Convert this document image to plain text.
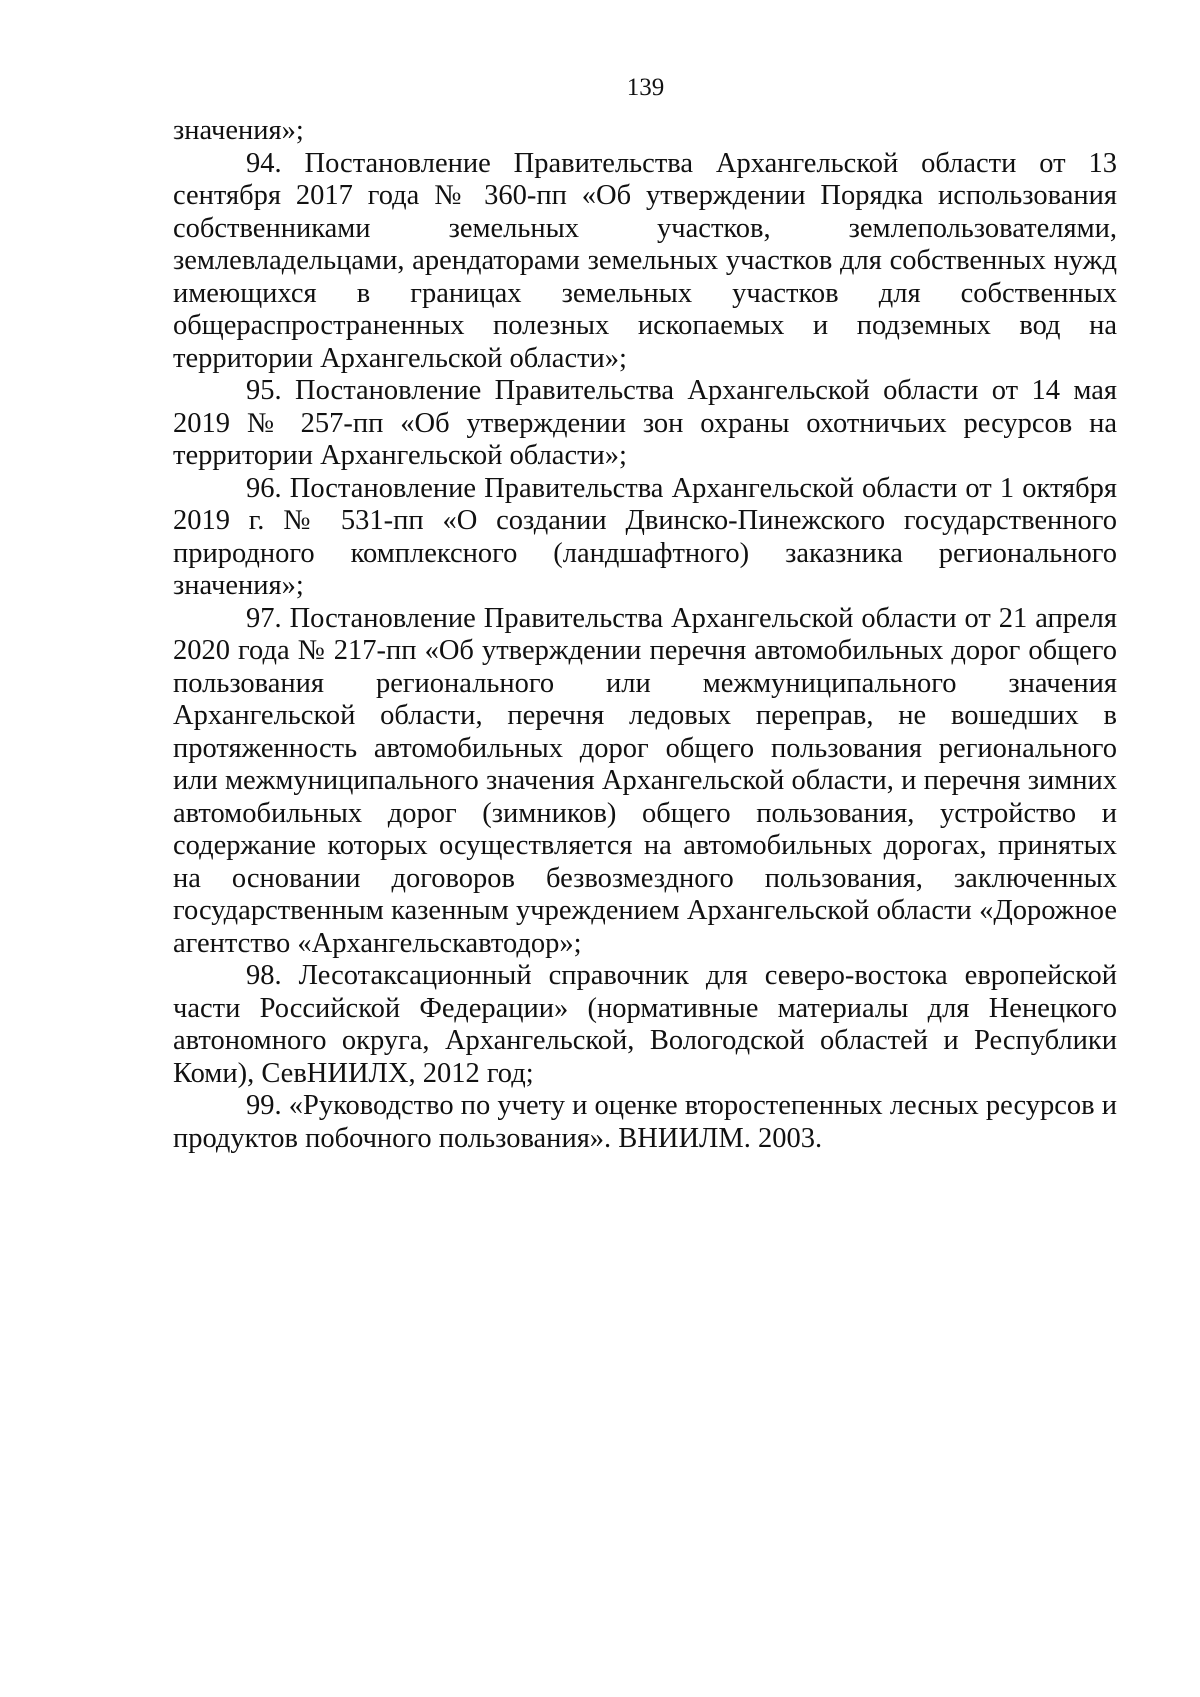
139

значения»;

94. Постановление Правительства Архангельской области от 13 сентября 2017 года № 360-пп «Об утверждении Порядка использования собственниками земельных участков, землепользователями, землевладельцами, арендаторами земельных участков для собственных нужд имеющихся в границах земельных участков для собственных общераспространенных полезных ископаемых и подземных вод на территории Архангельской области»;

95. Постановление Правительства Архангельской области от 14 мая 2019 № 257-пп «Об утверждении зон охраны охотничьих ресурсов на территории Архангельской области»;

96. Постановление Правительства Архангельской области от 1 октября 2019 г. № 531-пп «О создании Двинско-Пинежского государственного природного комплексного (ландшафтного) заказника регионального значения»;

97. Постановление Правительства Архангельской области от 21 апреля 2020 года № 217-пп «Об утверждении перечня автомобильных дорог общего пользования регионального или межмуниципального значения Архангельской области, перечня ледовых переправ, не вошедших в протяженность автомобильных дорог общего пользования регионального или межмуниципального значения Архангельской области, и перечня зимних автомобильных дорог (зимников) общего пользования, устройство и содержание которых осуществляется на автомобильных дорогах, принятых на основании договоров безвозмездного пользования, заключенных государственным казенным учреждением Архангельской области «Дорожное агентство «Архангельскавтодор»;

98. Лесотаксационный справочник для северо-востока европейской части Российской Федерации» (нормативные материалы для Ненецкого автономного округа, Архангельской, Вологодской областей и Республики Коми), СевНИИЛХ, 2012 год;

99. «Руководство по учету и оценке второстепенных лесных ресурсов и продуктов побочного пользования». ВНИИЛМ. 2003.
